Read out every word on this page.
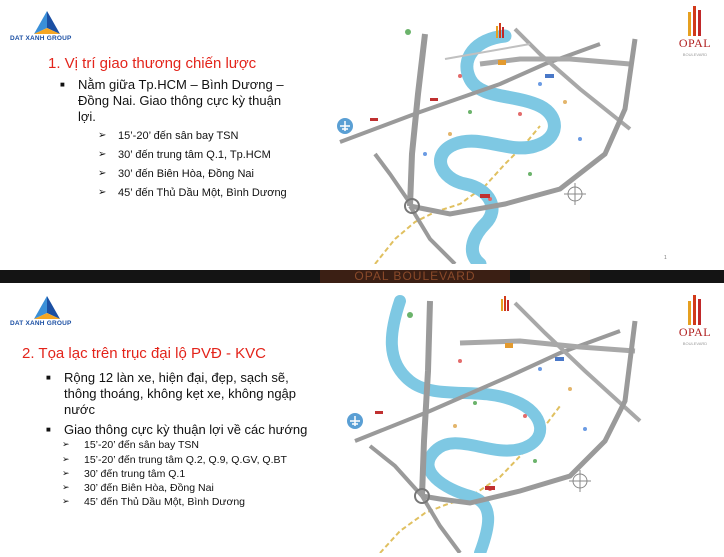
DAT XANH GROUP	OPAL
BOULEVARD
1. Vị trí giao thương chiến lược
■ Nằm giữa Tp.HCM – Bình Dương –
Đồng Nai. Giao thông cực kỳ thuận
lợi.
➢ 15’-20’ đến sân bay TSN
➢ 30’ đến trung tâm Q.1, Tp.HCM
➢ 30’ đến Biên Hòa, Đồng Nai
➢ 45’ đến Thủ Dầu Một, Bình Dương
1
OPAL BOULEVARD
DAT XANH GROUP
OPAL
BOULEVARD
2. Tọa lạc trên trục đại lộ PVĐ - KVC
■ Rộng 12 làn xe, hiện đại, đẹp, sạch sẽ,
thông thoáng, không kẹt xe, không ngập
nước
■ Giao thông cực kỳ thuận lợi về các hướng
➢ 15’-20’ đến sân bay TSN
➢ 15’-20’ đến trung tâm Q.2, Q.9, Q.GV, Q.BT
➢ 30’ đến trung tâm Q.1
➢ 30’ đến Biên Hòa, Đồng Nai
➢ 45’ đến Thủ Dầu Một, Bình Dương
